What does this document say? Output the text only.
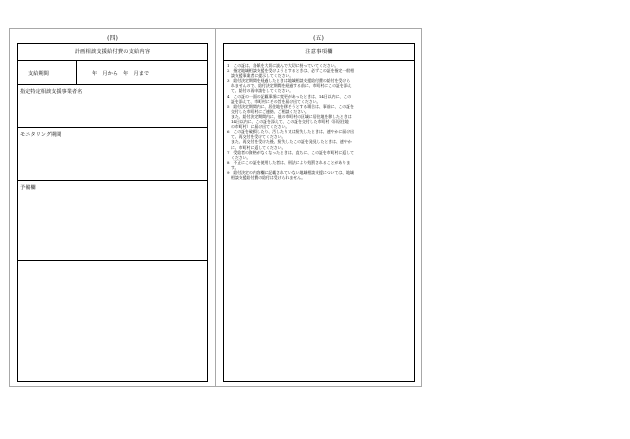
(四)	(五)
計画相談支援給付費の支給内容
支給期間	年　月から　年　月まで
指定特定相談支援事業者名
モニタリング期間
予備欄
注意事項欄

1　この証は、各紙を大切に読んで大切に持っていてください。

2　指定地域相談支援を受けようとするときは、必ずこの証を指定一般相

談支援事業者に提示してください。

3　給付決定期間を経過したときは地域相談支援給付費の給付を受けら

れませんので、給付決定期間を経過する前に、市町村にこの証を添え

て、給付の再申請をしてください。

4　この証の一面の記載事項に変更があったときは、14日以内に、この

証を添えて、市町村にその旨を届け出てください。

5　給付決定期間内に、居住地を移そうとする場合は、事前に、この証を

交付した市町村にご連絡、ご相談ください。

また、給付決定期間内に、他の市町村の区域に居住地を移したときは

14日以内に、この証を添えて、この証を交付した市町村（旧居住地

の市町村）に届け出てください。

6　この証を破損したり、汚したり又は紛失したときは、速やかに届け出

て、再交付を受けてください。

また、再交付を受けた後、紛失したこの証を発見したときは、速やか

に、市町村に返してください。

7　受給者の資格がなくなったときは、直ちに、この証を市町村に返して

ください。

8　不正にこの証を使用した者は、刑法により処罰されることがありま

す。

9　給付決定の内容欄に記載されていない地域相談支援については、地域

相談支援給付費の給付は受けられません。
